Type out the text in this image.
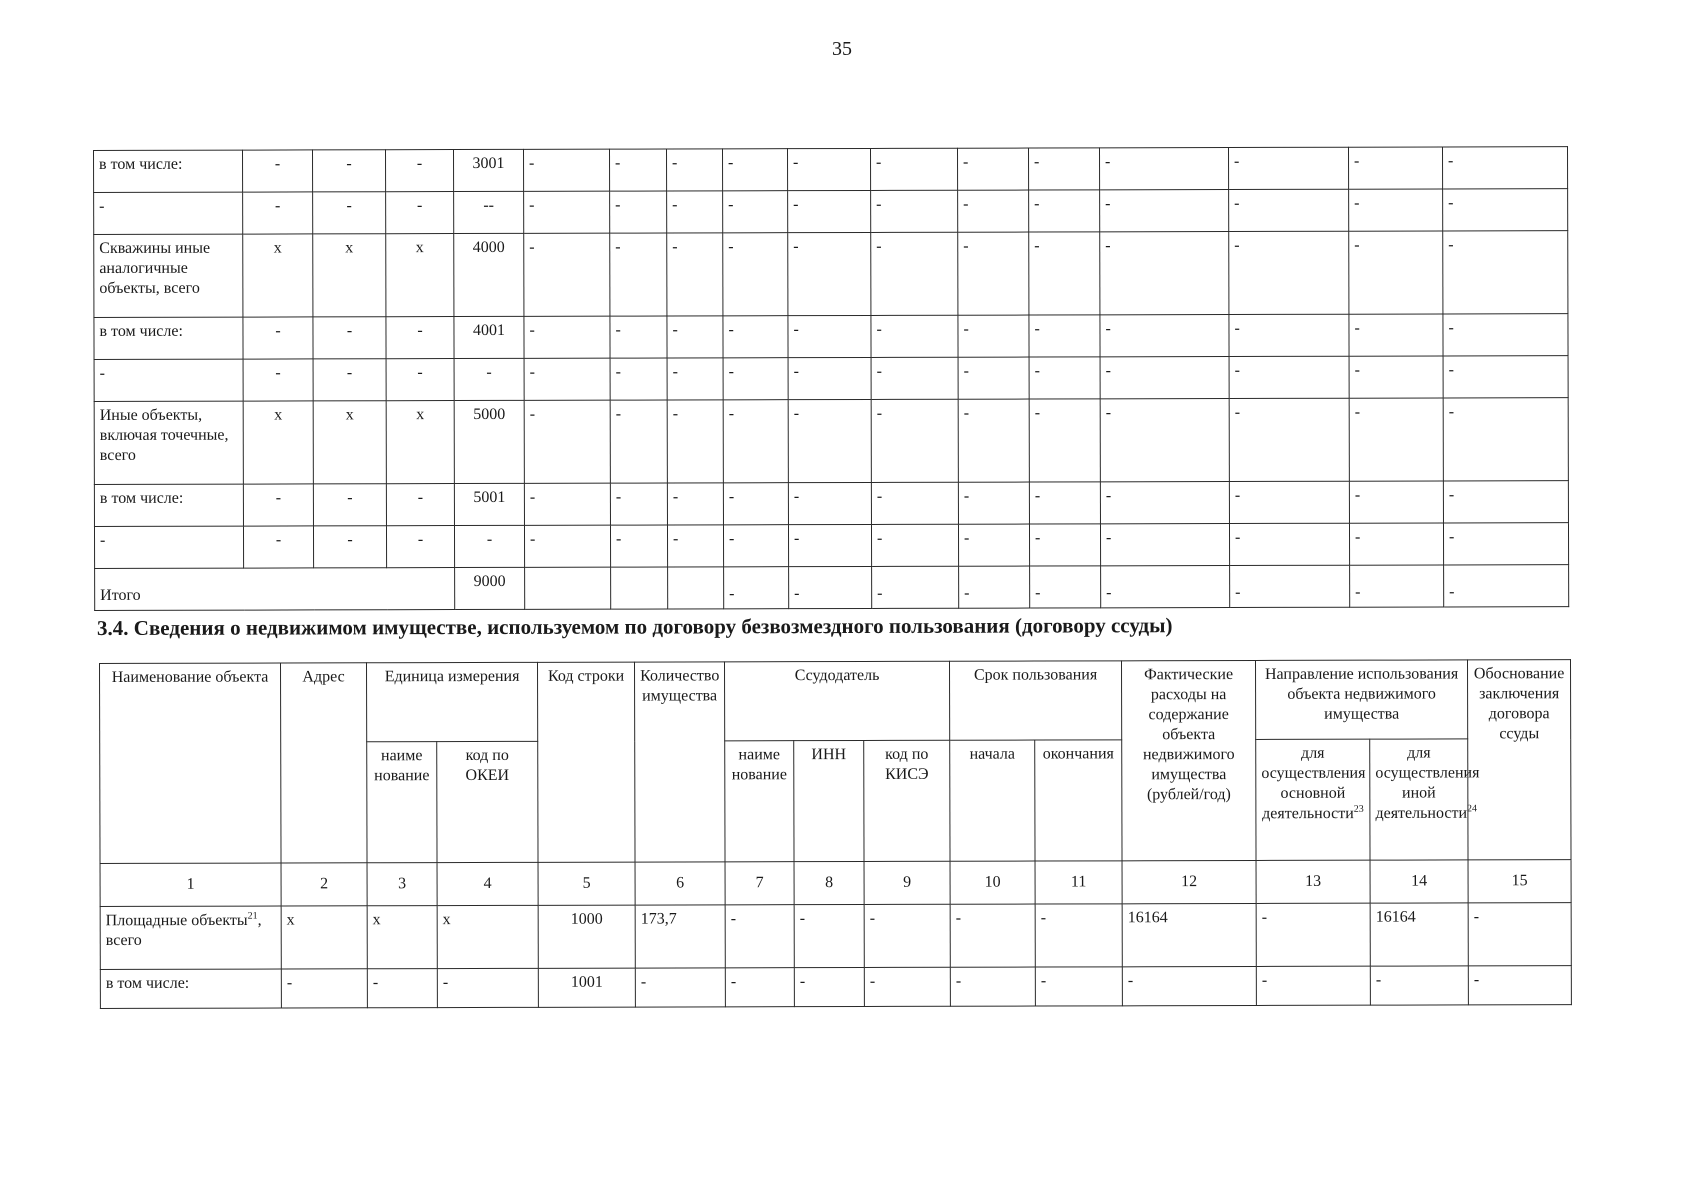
35
в том числе:	-	-	-	3001	-	-	-	-	-	-	-	-	-	-	-	-
-	-	-	-	--	-	-	-	-	-	-	-	-	-	-	-	-
Скважины иные аналогичные объекты, всего	х	х	х	4000	-	-	-	-	-	-	-	-	-	-	-	-
в том числе:	-	-	-	4001	-	-	-	-	-	-	-	-	-	-	-	-
-	-	-	-	-	-	-	-	-	-	-	-	-	-	-	-	-
Иные объекты, включая точечные, всего	х	х	х	5000	-	-	-	-	-	-	-	-	-	-	-	-
в том числе:	-	-	-	5001	-	-	-	-	-	-	-	-	-	-	-	-
-	-	-	-	-	-	-	-	-	-	-	-	-	-	-	-	-
Итого				9000				-	-	-	-	-	-	-	-	-
3.4. Сведения о недвижимом имуществе, используемом по договору безвозмездного пользования (договору ссуды)
Наименование объекта	Адрес	Единица измерения		Код строки	Количество имущества	Ссудодатель			Срок пользования		Фактические расходы на содержание объекта недвижимого имущества (рублей/год)	Направление использования объекта недвижимого имущества		Обоснование заключения договора ссуды
		наиме нование	код по ОКЕИ			наиме нование	ИНН	код по КИСЭ	начала	окончания		для осуществления основной деятельности$^{23}$	для осуществления иной деятельности$^{24}$
1	2	3	4	5	6	7	8	9	10	11	12	13	14	15
Площадные объекты$^{21}$, всего	х	х	х	1000	173,7	-	-	-	-	-	16164	-	16164	-
в том числе:	-	-	-	1001	-	-	-	-	-	-	-	-	-	-
